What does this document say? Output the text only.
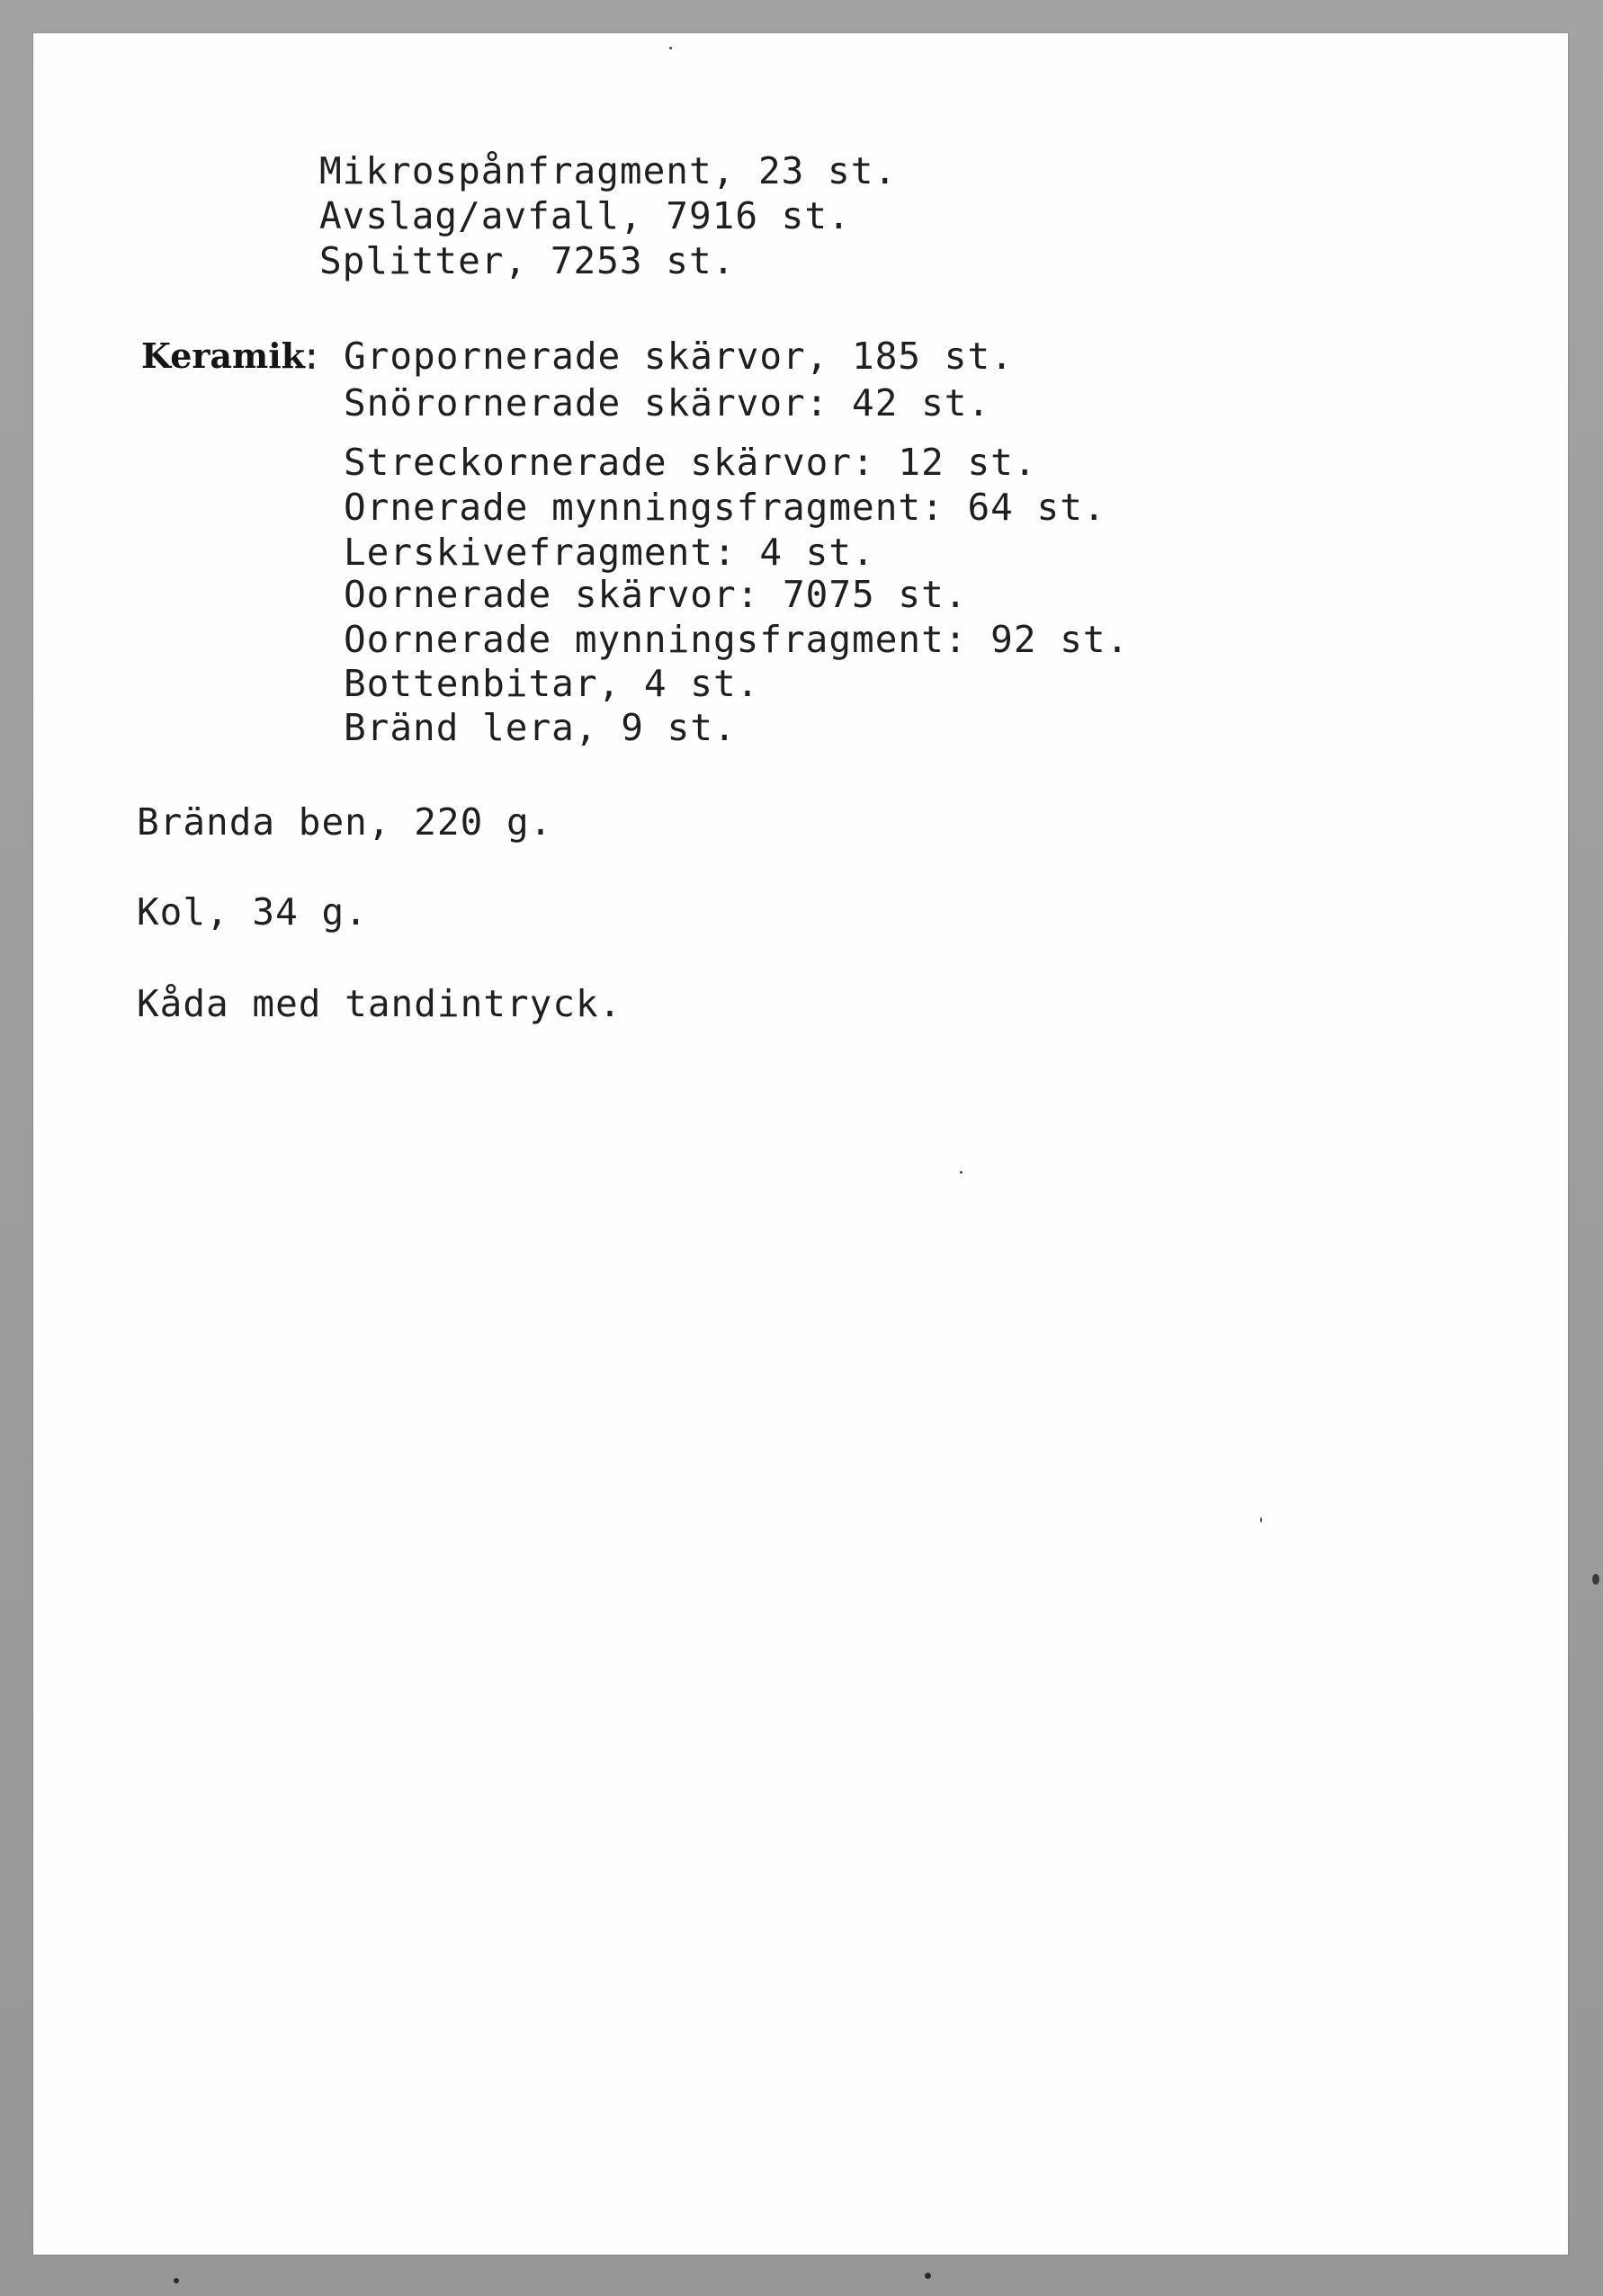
Mikrospånfragment, 23 st.

Avslag/avfall, 7916 st.

Splitter, 7253 st.

Keramik
: Gropornerade skärvor, 185 st.

Snörornerade skärvor: 42 st.

Streckornerade skärvor: 12 st.

Ornerade mynningsfragment: 64 st.

Lerskivefragment: 4 st.

Oornerade skärvor: 7075 st.

Oornerade mynningsfragment: 92 st.

Bottenbitar, 4 st.

Bränd lera, 9 st.

Brända ben, 220 g.

Kol, 34 g.

Kåda med tandintryck.
